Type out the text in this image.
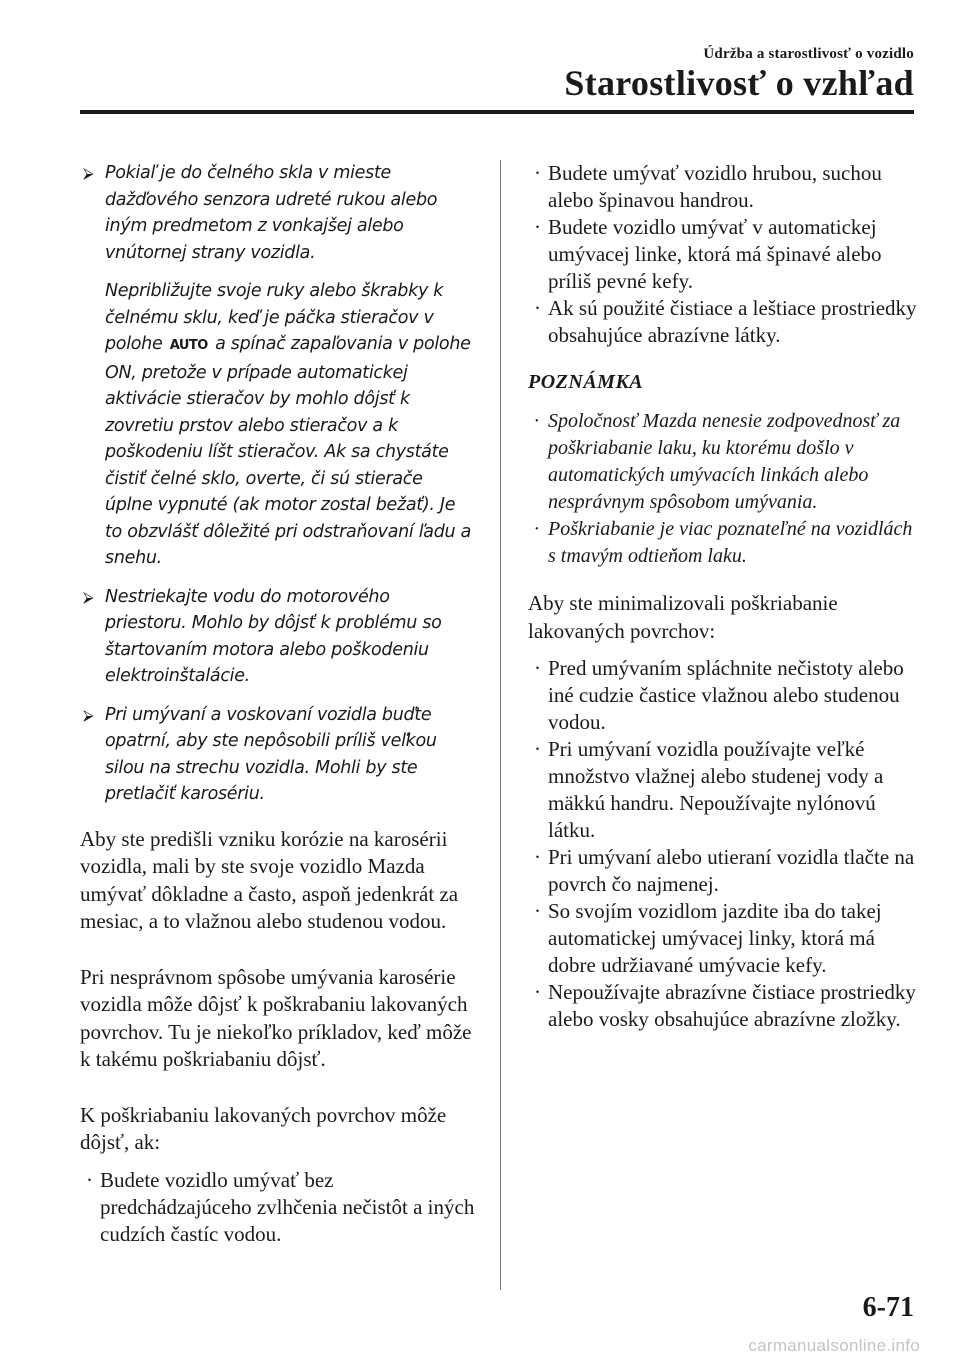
Údržba a starostlivosť o vozidlo
Starostlivosť o vzhľad
⮚ Pokiaľ je do čelného skla v mieste dažďového senzora udreté rukou alebo iným predmetom z vonkajšej alebo vnútornej strany vozidla.
Nepribližujte svoje ruky alebo škrabky k čelnému sklu, keď je páčka stieračov v polohe AUTO a spínač zapaľovania v polohe ON, pretože v prípade automatickej aktivácie stieračov by mohlo dôjsť k zovretiu prstov alebo stieračov a k poškodeniu líšt stieračov. Ak sa chystáte čistiť čelné sklo, overte, či sú stierače úplne vypnuté (ak motor zostal bežať). Je to obzvlášť dôležité pri odstraňovaní ľadu a snehu.
⮚ Nestriekajte vodu do motorového priestoru. Mohlo by dôjsť k problému so štartovaním motora alebo poškodeniu elektroinštalácie.
⮚ Pri umývaní a voskovaní vozidla buďte opatrní, aby ste nepôsobili príliš veľkou silou na strechu vozidla. Mohli by ste pretlačiť karosériu.

Aby ste predišli vzniku korózie na karosérii vozidla, mali by ste svoje vozidlo Mazda umývať dôkladne a často, aspoň jedenkrát za mesiac, a to vlažnou alebo studenou vodou.

Pri nesprávnom spôsobe umývania karosérie vozidla môže dôjsť k poškrabaniu lakovaných povrchov. Tu je niekoľko príkladov, keď môže k takému poškriabaniu dôjsť.

K poškriabaniu lakovaných povrchov môže dôjsť, ak:

· Budete vozidlo umývať bez predchádzajúceho zvlhčenia nečistôt a iných cudzích častíc vodou.
· Budete umývať vozidlo hrubou, suchou alebo špinavou handrou.
· Budete vozidlo umývať v automatickej umývacej linke, ktorá má špinavé alebo príliš pevné kefy.
· Ak sú použité čistiace a leštiace prostriedky obsahujúce abrazívne látky.
POZNÁMKA
· Spoločnosť Mazda nenesie zodpovednosť za poškriabanie laku, ku ktorému došlo v automatických umývacích linkách alebo nesprávnym spôsobom umývania.
· Poškriabanie je viac poznateľné na vozidlách s tmavým odtieňom laku.

Aby ste minimalizovali poškriabanie lakovaných povrchov:

· Pred umývaním spláchnite nečistoty alebo iné cudzie častice vlažnou alebo studenou vodou.
· Pri umývaní vozidla používajte veľké množstvo vlažnej alebo studenej vody a mäkkú handru. Nepoužívajte nylónovú látku.
· Pri umývaní alebo utieraní vozidla tlačte na povrch čo najmenej.
· So svojím vozidlom jazdite iba do takej automatickej umývacej linky, ktorá má dobre udržiavané umývacie kefy.
· Nepoužívajte abrazívne čistiace prostriedky alebo vosky obsahujúce abrazívne zložky.
6-71
carmanualsonline.info
